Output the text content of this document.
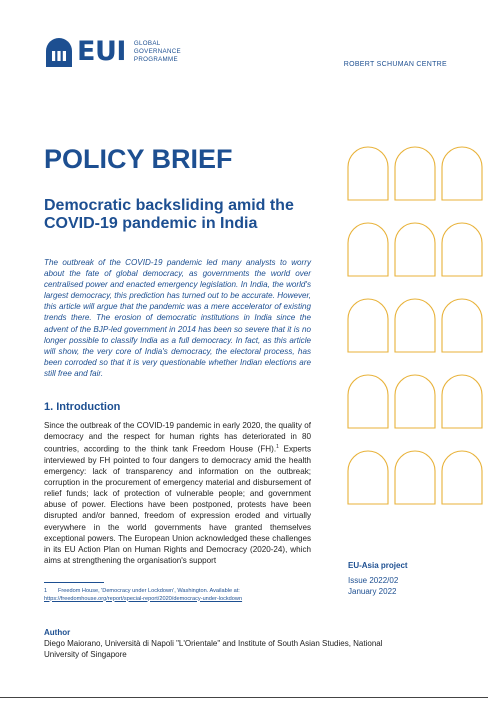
EUI GLOBAL
GOVERNANCE
PROGRAMME
ROBERT SCHUMAN CENTRE
POLICY BRIEF
Democratic backsliding amid the COVID-19 pandemic in India
The outbreak of the COVID-19 pandemic led many analysts to worry about the fate of global democracy, as governments the world over centralised power and enacted emergency legislation. In India, the world's largest democracy, this prediction has turned out to be accurate. However, this article will argue that the pandemic was a mere accelerator of existing trends there. The erosion of democratic institutions in India since the advent of the BJP-led government in 2014 has been so severe that it is no longer possible to classify India as a full democracy. In fact, as this article will show, the very core of India's democracy, the electoral process, has been corroded so that it is very questionable whether Indian elections are still free and fair.
1. Introduction
Since the outbreak of the COVID-19 pandemic in early 2020, the quality of democracy and the respect for human rights has deteriorated in 80 countries, according to the think tank Freedom House (FH).$^1$ Experts interviewed by FH pointed to four dangers to democracy amid the health emergency: lack of transparency and information on the outbreak; corruption in the procurement of emergency material and disbursement of relief funds; lack of protection of vulnerable people; and government abuse of power. Elections have been postponed, protests have been disrupted and/or banned, freedom of expression eroded and virtually everywhere in the world governments have granted themselves exceptional powers. The European Union acknowledged these challenges in its EU Action Plan on Human Rights and Democracy (2020-24), which aims at strengthening the organisation's support
1 Freedom House, 'Democracy under Lockdown', Washington. Available at: https://freedomhouse.org/report/special-report/2020/democracy-under-lockdown
EU-Asia project
Issue 2022/02
January 2022
Author
Diego Maiorano, Università di Napoli "L'Orientale" and Institute of South Asian Studies, National University of Singapore
